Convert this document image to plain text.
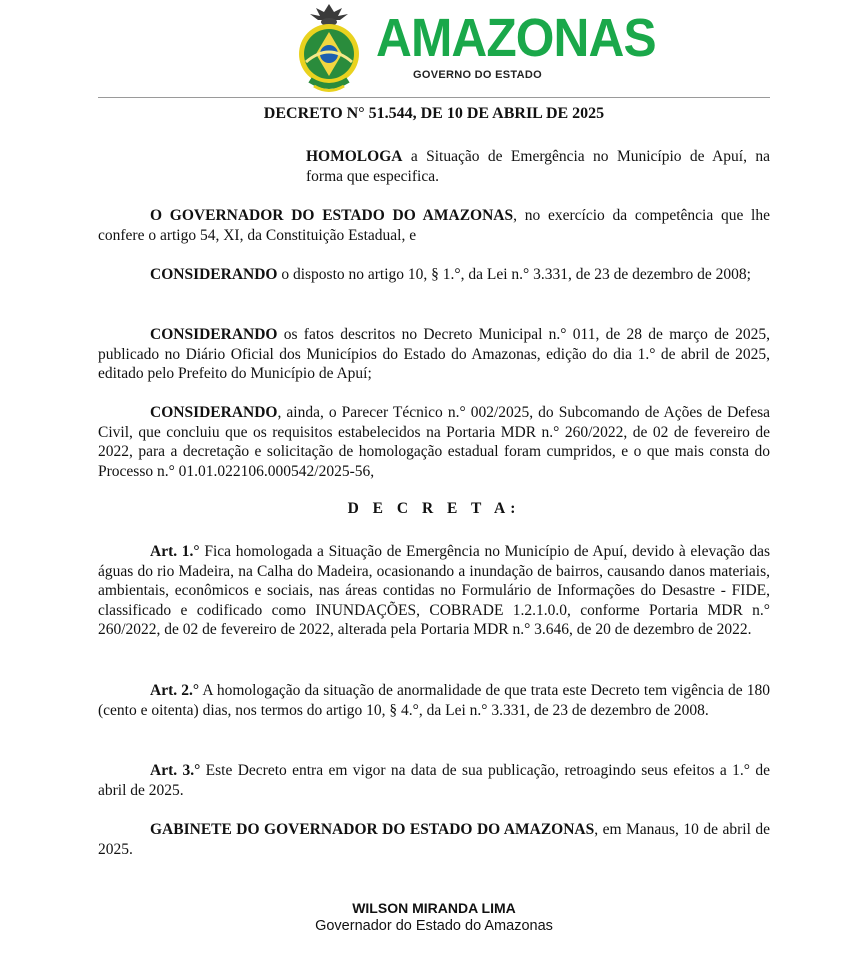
AMAZONAS
GOVERNO DO ESTADO
DECRETO N° 51.544, DE 10 DE ABRIL DE 2025
HOMOLOGA a Situação de Emergência no Município de Apuí, na forma que especifica.
O GOVERNADOR DO ESTADO DO AMAZONAS, no exercício da competência que lhe confere o artigo 54, XI, da Constituição Estadual, e
CONSIDERANDO o disposto no artigo 10, § 1.°, da Lei n.° 3.331, de 23 de dezembro de 2008;
CONSIDERANDO os fatos descritos no Decreto Municipal n.° 011, de 28 de março de 2025, publicado no Diário Oficial dos Municípios do Estado do Amazonas, edição do dia 1.° de abril de 2025, editado pelo Prefeito do Município de Apuí;
CONSIDERANDO, ainda, o Parecer Técnico n.° 002/2025, do Subcomando de Ações de Defesa Civil, que concluiu que os requisitos estabelecidos na Portaria MDR n.° 260/2022, de 02 de fevereiro de 2022, para a decretação e solicitação de homologação estadual foram cumpridos, e o que mais consta do Processo n.° 01.01.022106.000542/2025-56,
D E C R E T A:
Art. 1.° Fica homologada a Situação de Emergência no Município de Apuí, devido à elevação das águas do rio Madeira, na Calha do Madeira, ocasionando a inundação de bairros, causando danos materiais, ambientais, econômicos e sociais, nas áreas contidas no Formulário de Informações do Desastre - FIDE, classificado e codificado como INUNDAÇÕES, COBRADE 1.2.1.0.0, conforme Portaria MDR n.° 260/2022, de 02 de fevereiro de 2022, alterada pela Portaria MDR n.° 3.646, de 20 de dezembro de 2022.
Art. 2.° A homologação da situação de anormalidade de que trata este Decreto tem vigência de 180 (cento e oitenta) dias, nos termos do artigo 10, § 4.°, da Lei n.° 3.331, de 23 de dezembro de 2008.
Art. 3.° Este Decreto entra em vigor na data de sua publicação, retroagindo seus efeitos a 1.° de abril de 2025.
GABINETE DO GOVERNADOR DO ESTADO DO AMAZONAS, em Manaus, 10 de abril de 2025.
WILSON MIRANDA LIMA
Governador do Estado do Amazonas
